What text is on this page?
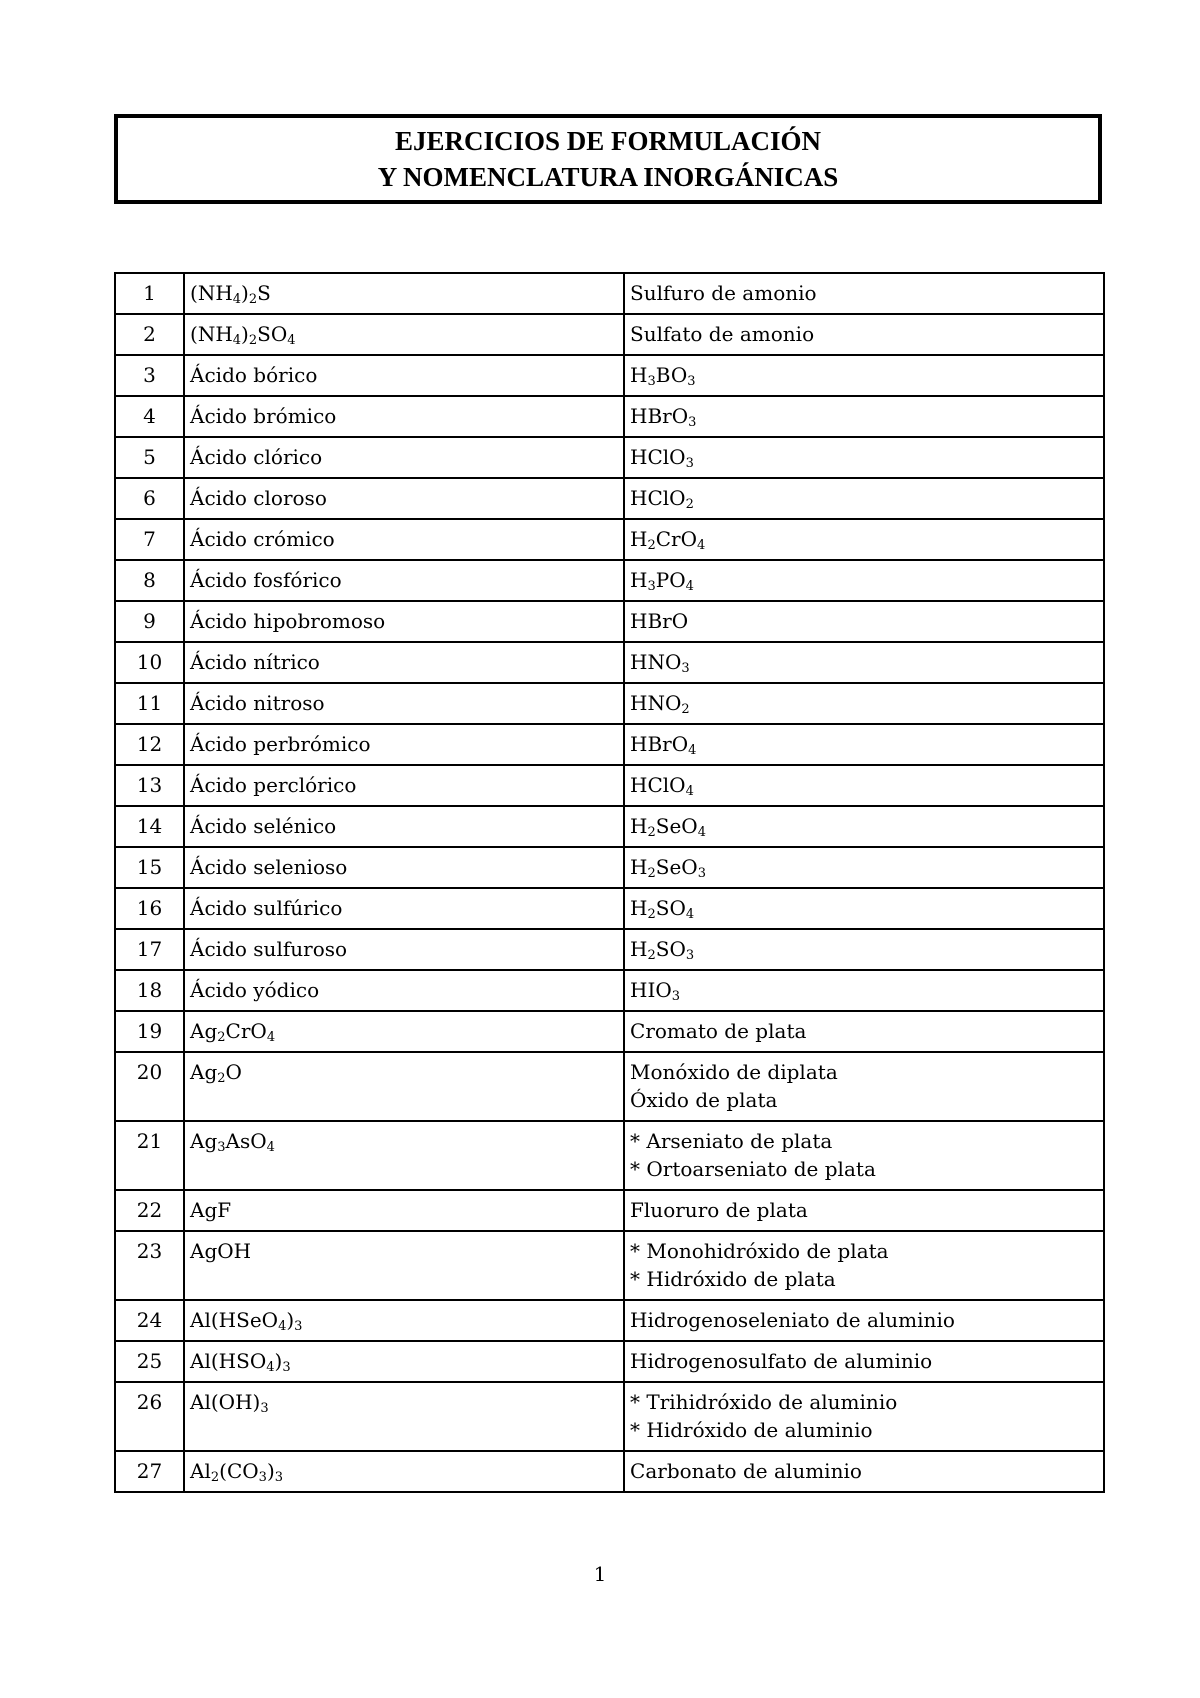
EJERCICIOS DE FORMULACIÓN
Y NOMENCLATURA INORGÁNICAS
1	$(NH_4)_2S$	Sulfuro de amonio

2	$(NH_4)_2SO_4$	Sulfato de amonio

3	Ácido bórico	$H_3BO_3$

4	Ácido brómico	HBrO$_3$

5	Ácido clórico	HClO$_3$

6	Ácido cloroso	HClO$_2$

7	Ácido crómico	$H_2CrO_4$

8	Ácido fosfórico	$H_3PO_4$

9	Ácido hipobromoso	HBrO

10	Ácido nítrico	$HNO_3$

11	Ácido nitroso	$HNO_2$

12	Ácido perbrómico	HBrO$_4$

13	Ácido perclórico	HClO$_4$

14	Ácido selénico	$H_2SeO_4$

15	Ácido selenioso	$H_2SeO_3$

16	Ácido sulfúrico	$H_2SO_4$

17	Ácido sulfuroso	$H_2SO_3$

18	Ácido yódico	$HIO_3$

19	$Ag_2CrO_4$	Cromato de plata

20	$Ag_2O$	Monóxido de diplata
Óxido de plata

21	$Ag_3AsO_4$	* Arseniato de plata
* Ortoarseniato de plata

22	AgF	Fluoruro de plata

23	AgOH	* Monohidróxido de plata
* Hidróxido de plata

24	$Al(HSeO_4)_3$	Hidrogenoseleniato de aluminio

25	$Al(HSO_4)_3$	Hidrogenosulfato de aluminio

26	$Al(OH)_3$	* Trihidróxido de aluminio
* Hidróxido de aluminio

27	$Al_2(CO_3)_3$	Carbonato de aluminio
1
